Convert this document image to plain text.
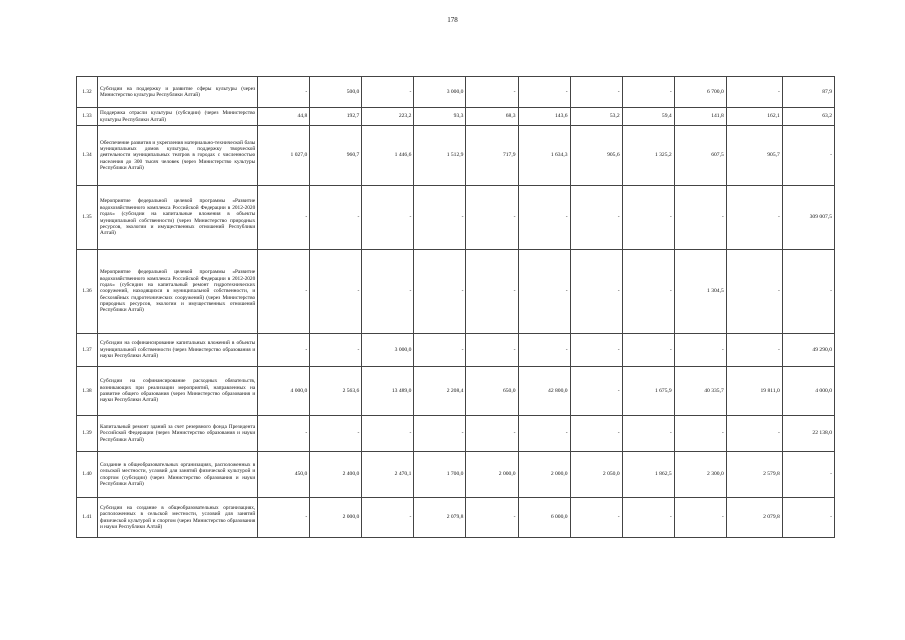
178
1.32	Субсидии на поддержку и развитие сферы культуры (через Министерство культуры Республики Алтай)	-	500,0	-	3 000,0	-	-	-	-	6 700,0	-	87,9
1.33	Поддержка отрасли культуры (субсидии) (через Министерство культуры Республики Алтай)	44,8	192,7	223,2	93,3	68,3	143,6	53,2	59,4	141,8	162,1	63,2
1.34	Обеспечение развития и укрепления материально-технической базы муниципальных домов культуры, поддержку творческой деятельности муниципальных театров в городах с численностью населения до 300 тысяч человек (через Министерство культуры Республики Алтай)	1 027,0	960,7	1 446,6	1 512,9	717,9	1 634,3	905,6	1 325,2	607,5	905,7	-
1.35	Мероприятие федеральной целевой программы «Развитие водохозяйственного комплекса Российской Федерации в 2012-2020 годах» (субсидии на капитальные вложения в объекты муниципальной собственности) (через Министерство природных ресурсов, экологии и имущественных отношений Республики Алтай)	-	-	-	-	-	-	-	-	-	-	309 007,5
1.36	Мероприятие федеральной целевой программы «Развитие водохозяйственного комплекса Российской Федерации в 2012-2020 годах» (субсидии на капитальный ремонт гидротехнических сооружений, находящихся в муниципальной собственности, и бесхозяйных гидротехнических сооружений) (через Министерство природных ресурсов, экологии и имущественных отношений Республики Алтай)	-	-	-	-	-	-	-	-	1 304,5	-	-
1.37	Субсидии на софинансирование капитальных вложений в объекты муниципальной собственности (через Министерство образования и науки Республики Алтай)	-	-	3 000,0	-	-	-	-	-	-	-	49 290,0
1.38	Субсидии на софинансирование расходных обязательств, возникающих при реализации мероприятий, направленных на развитие общего образования (через Министерство образования и науки Республики Алтай)	4 000,0	2 563,6	13 489,0	2 208,4	650,0	42 800,0	-	1 675,9	40 335,7	19 811,0	4 000,0
1.39	Капитальный ремонт зданий за счет резервного фонда Президента Российской Федерации (через Министерство образования и науки Республики Алтай)	-	-	-	-	-	-	-	-	-	-	22 138,0
1.40	Создание в общеобразовательных организациях, расположенных в сельской местности, условий для занятий физической культурой и спортом (субсидии) (через Министерство образования и науки Республики Алтай)	450,0	2 400,0	2 470,1	1 700,0	2 000,0	2 000,0	2 050,0	1 862,5	2 300,0	2 579,8	-
1.41	Субсидии на создание в общеобразовательных организациях, расположенных в сельской местности, условий для занятий физической культурой и спортом (через Министерство образования и науки Республики Алтай)	-	2 000,0	-	2 079,8	-	6 000,0	-	-	-	2 079,8	-
